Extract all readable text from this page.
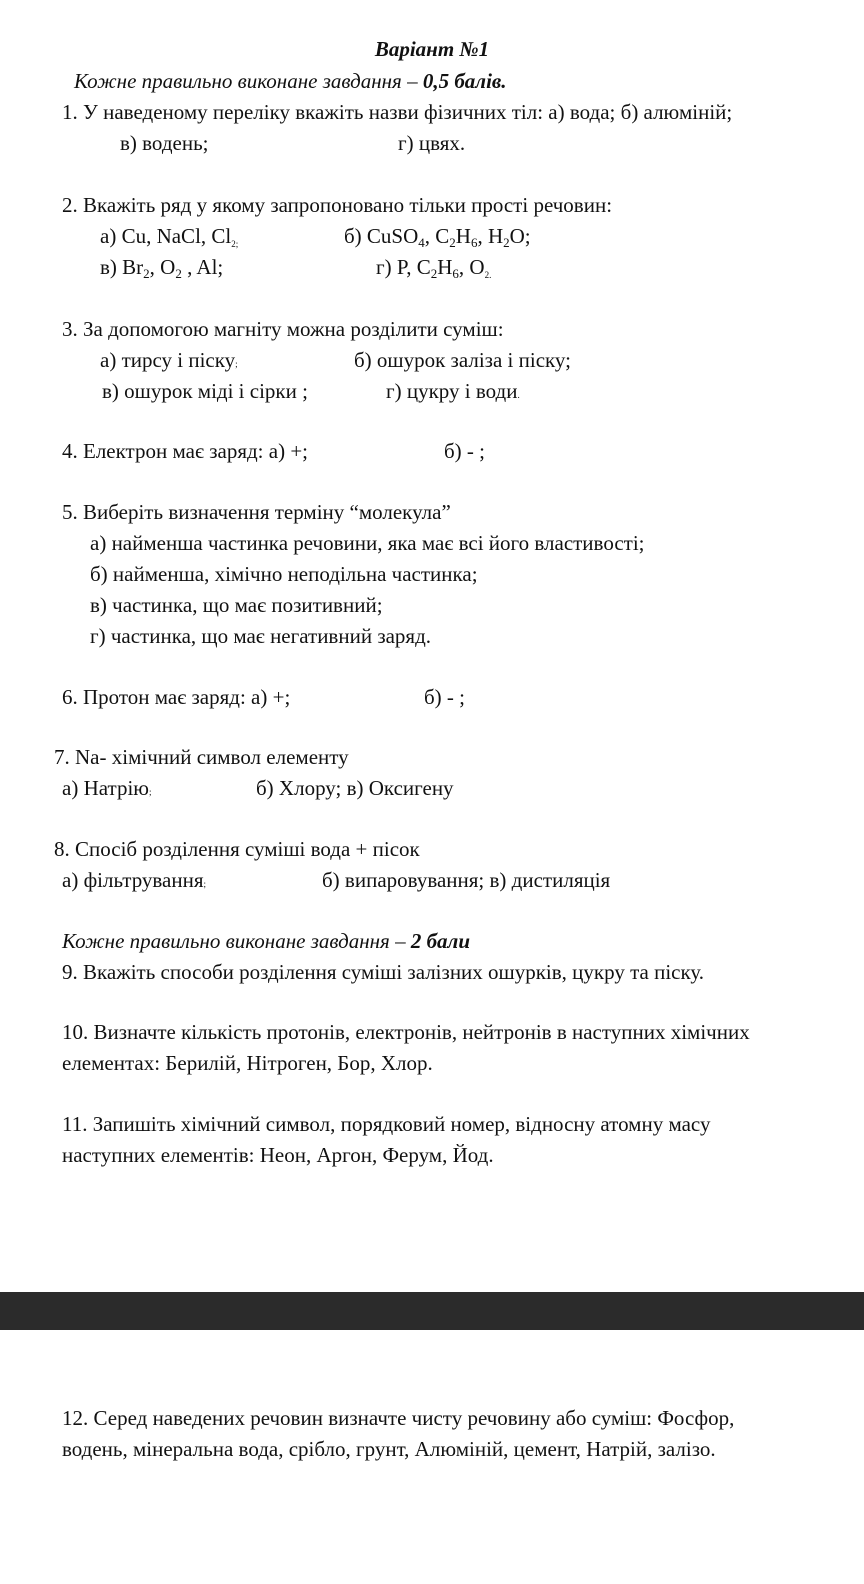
Варіант №1
Кожне правильно виконане завдання – 0,5 балів.
1. У наведеному переліку вкажіть назви фізичних тіл: а) вода; б) алюміній;
в) водень;	г) цвях.
2. Вкажіть ряд у якому запропоновано тільки прості речовин:
а) Cu, NaCl, $Cl_{2;}$	б) CuSO$_4$, $C_2H_6$, $H_2O$;
в) $Br_2$, $O_2$ , Al;	г) P, $C_2H_6$, $O_{2.}$
3. За допомогою магніту можна розділити суміш:
а) тирсу і піску;	б) ошурок заліза і піску;
в) ошурок міді і сірки ;	г) цукру і води.
4. Електрон має заряд: а) +;	б) - ;
5. Виберіть визначення терміну “молекула”
а) найменша частинка речовини, яка має всі його властивості;
б) найменша, хімічно неподільна частинка;
в) частинка, що має позитивний;
г) частинка, що має негативний заряд.
6. Протон має заряд: а) +;	б) - ;
7. Na- хімічний символ елементу
а) Натрію;	б) Хлору; в) Оксигену
8. Спосіб розділення суміші вода + пісок
а) фільтрування;	б) випаровування; в) дистиляція
Кожне правильно виконане завдання – 2 бали
9. Вкажіть способи розділення суміші залізних ошурків, цукру та піску.
10. Визначте кількість протонів, електронів, нейтронів в наступних хімічних
елементах: Берилій, Нітроген, Бор, Хлор.
11. Запишіть хімічний символ, порядковий номер, відносну атомну масу
наступних елементів: Неон, Аргон, Ферум, Йод.
12. Серед наведених речовин визначте чисту речовину або суміш: Фосфор,
водень, мінеральна вода, срібло, грунт, Алюміній, цемент, Натрій, залізо.
